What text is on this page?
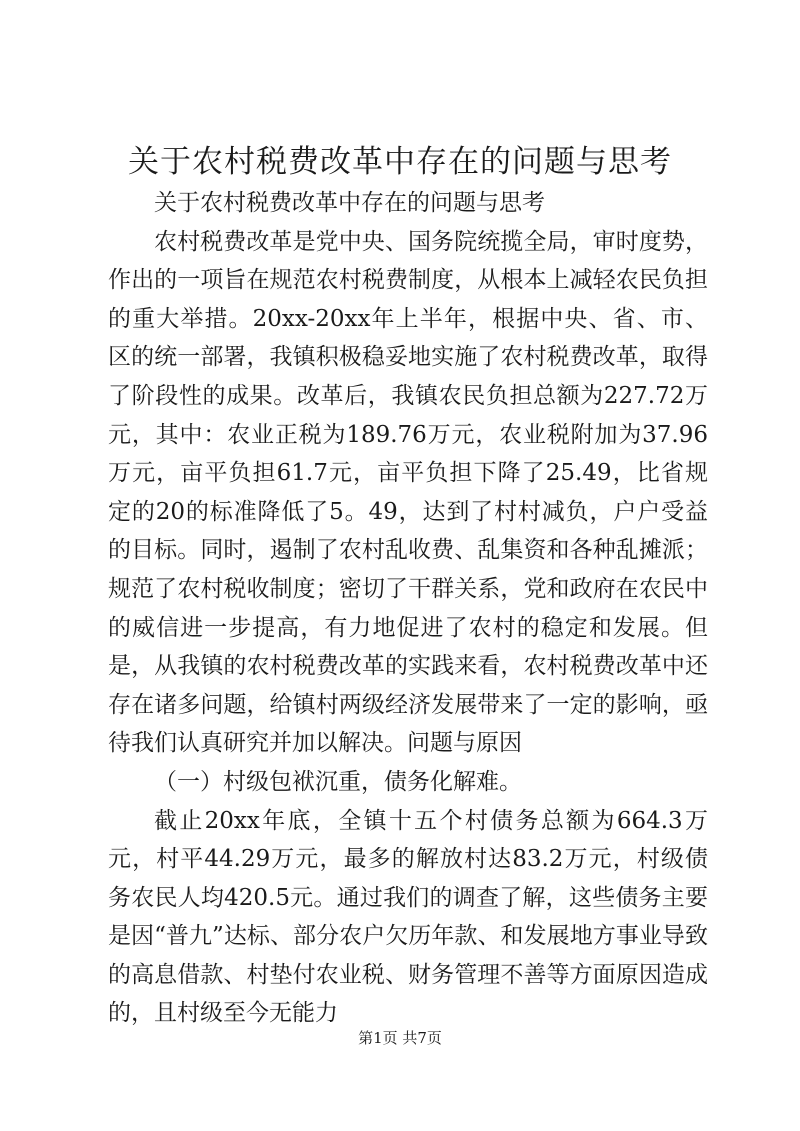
关于农村税费改革中存在的问题与思考

关于农村税费改革中存在的问题与思考

农村税费改革是党中央、国务院统揽全局，审时度势，作出的一项旨在规范农村税费制度，从根本上减轻农民负担的重大举措。20xx-20xx年上半年，根据中央、省、市、区的统一部署，我镇积极稳妥地实施了农村税费改革，取得了阶段性的成果。改革后，我镇农民负担总额为227.72万元，其中：农业正税为189.76万元，农业税附加为37.96万元，亩平负担61.7元，亩平负担下降了25.49，比省规定的20的标准降低了5。49，达到了村村减负，户户受益的目标。同时，遏制了农村乱收费、乱集资和各种乱摊派；规范了农村税收制度；密切了干群关系，党和政府在农民中的威信进一步提高，有力地促进了农村的稳定和发展。但是，从我镇的农村税费改革的实践来看，农村税费改革中还存在诸多问题，给镇村两级经济发展带来了一定的影响，亟待我们认真研究并加以解决。问题与原因

（一）村级包袱沉重，债务化解难。

截止20xx年底，全镇十五个村债务总额为664.3万元，村平44.29万元，最多的解放村达83.2万元，村级债务农民人均420.5元。通过我们的调查了解，这些债务主要是因“普九”达标、部分农户欠历年款、和发展地方事业导致的高息借款、村垫付农业税、财务管理不善等方面原因造成的，且村级至今无能力

第1页 共7页
